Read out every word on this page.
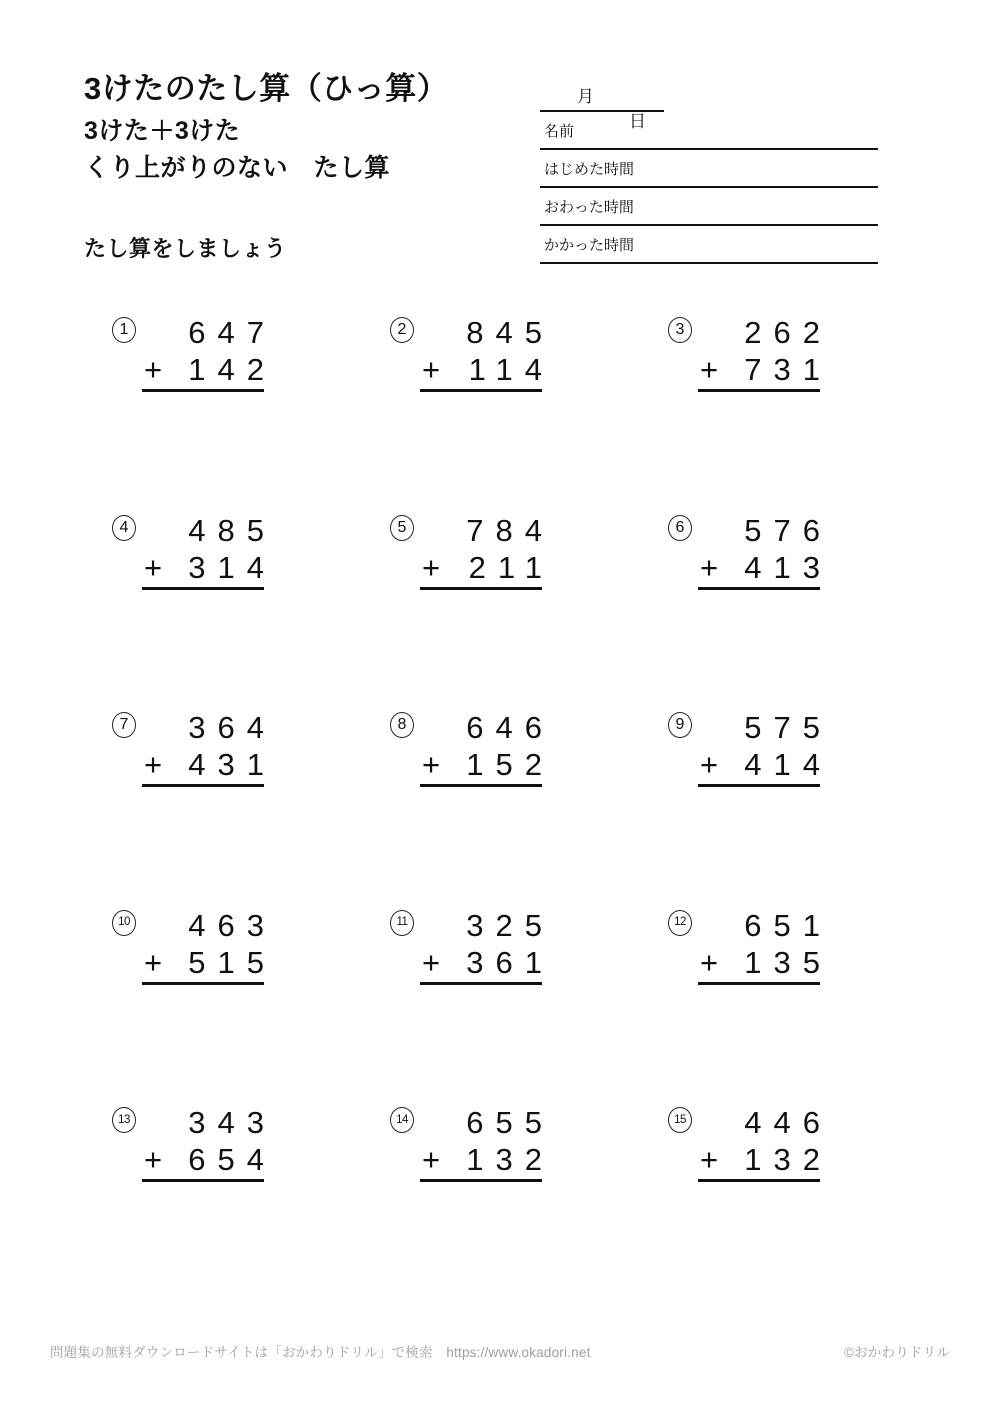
3けたのたし算（ひっ算）
3けた＋3けた
くり上がりのない　たし算
たし算をしましょう
月 日
名前
はじめた時間
おわった時間
かかった時間
1	647
+ 142
2	845
+ 114
3	262
+ 731
4	485
+ 314
5	784
+ 211
6	576
+ 413
7	364
+ 431
8	646
+ 152
9	575
+ 414
10	463
+ 515
11	325
+ 361
12	651
+ 135
13	343
+ 654
14	655
+ 132
15	446
+ 132
問題集の無料ダウンロードサイトは「おかわりドリル」で検索　https://www.okadori.net	©おかわりドリル
